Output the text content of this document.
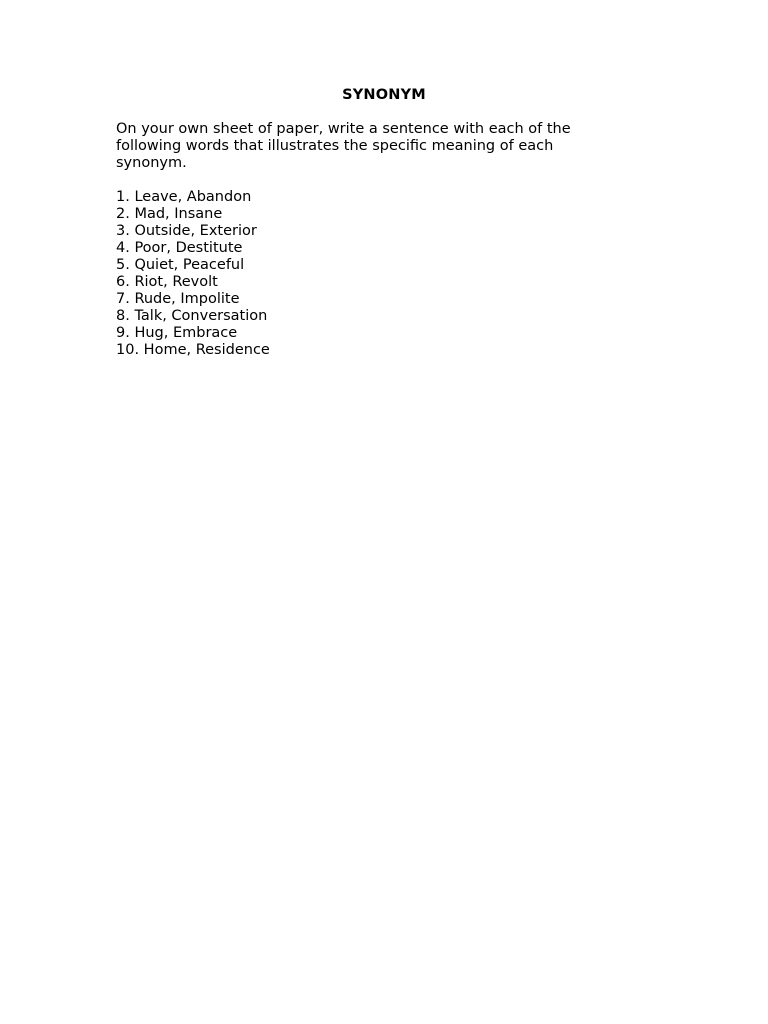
SYNONYM
On your own sheet of paper, write a sentence with each of the
following words that illustrates the specific meaning of each
synonym.
1. Leave, Abandon
2. Mad, Insane
3. Outside, Exterior
4. Poor, Destitute
5. Quiet, Peaceful
6. Riot, Revolt
7. Rude, Impolite
8. Talk, Conversation
9. Hug, Embrace
10. Home, Residence
